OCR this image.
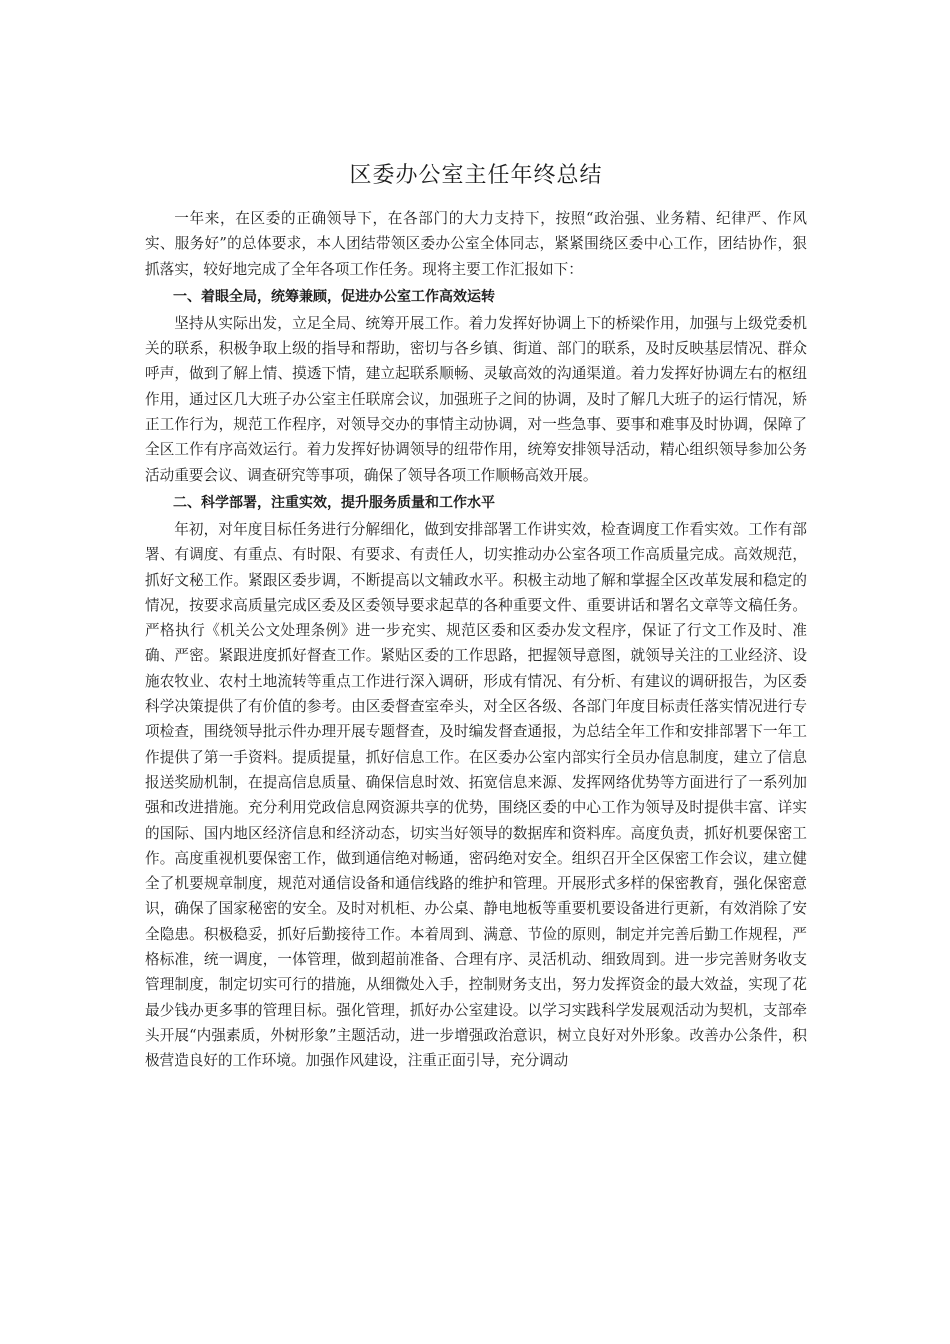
区委办公室主任年终总结

一年来，在区委的正确领导下，在各部门的大力支持下，按照“政治强、业务精、纪律严、作风实、服务好”的总体要求，本人团结带领区委办公室全体同志，紧紧围绕区委中心工作，团结协作，狠抓落实，较好地完成了全年各项工作任务。现将主要工作汇报如下：

一、着眼全局，统筹兼顾，促进办公室工作高效运转

坚持从实际出发，立足全局、统筹开展工作。着力发挥好协调上下的桥梁作用，加强与上级党委机关的联系，积极争取上级的指导和帮助，密切与各乡镇、街道、部门的联系，及时反映基层情况、群众呼声，做到了解上情、摸透下情，建立起联系顺畅、灵敏高效的沟通渠道。着力发挥好协调左右的枢纽作用，通过区几大班子办公室主任联席会议，加强班子之间的协调，及时了解几大班子的运行情况，矫正工作行为，规范工作程序，对领导交办的事情主动协调，对一些急事、要事和难事及时协调，保障了全区工作有序高效运行。着力发挥好协调领导的纽带作用，统筹安排领导活动，精心组织领导参加公务活动重要会议、调查研究等事项，确保了领导各项工作顺畅高效开展。

二、科学部署，注重实效，提升服务质量和工作水平

年初，对年度目标任务进行分解细化，做到安排部署工作讲实效，检查调度工作看实效。工作有部署、有调度、有重点、有时限、有要求、有责任人，切实推动办公室各项工作高质量完成。高效规范，抓好文秘工作。紧跟区委步调，不断提高以文辅政水平。积极主动地了解和掌握全区改革发展和稳定的情况，按要求高质量完成区委及区委领导要求起草的各种重要文件、重要讲话和署名文章等文稿任务。严格执行《机关公文处理条例》进一步充实、规范区委和区委办发文程序，保证了行文工作及时、准确、严密。紧跟进度抓好督查工作。紧贴区委的工作思路，把握领导意图，就领导关注的工业经济、设施农牧业、农村土地流转等重点工作进行深入调研，形成有情况、有分析、有建议的调研报告，为区委科学决策提供了有价值的参考。由区委督查室牵头，对全区各级、各部门年度目标责任落实情况进行专项检查，围绕领导批示件办理开展专题督查，及时编发督查通报，为总结全年工作和安排部署下一年工作提供了第一手资料。提质提量，抓好信息工作。在区委办公室内部实行全员办信息制度，建立了信息报送奖励机制，在提高信息质量、确保信息时效、拓宽信息来源、发挥网络优势等方面进行了一系列加强和改进措施。充分利用党政信息网资源共享的优势，围绕区委的中心工作为领导及时提供丰富、详实的国际、国内地区经济信息和经济动态，切实当好领导的数据库和资料库。高度负责，抓好机要保密工作。高度重视机要保密工作，做到通信绝对畅通，密码绝对安全。组织召开全区保密工作会议，建立健全了机要规章制度，规范对通信设备和通信线路的维护和管理。开展形式多样的保密教育，强化保密意识，确保了国家秘密的安全。及时对机柜、办公桌、静电地板等重要机要设备进行更新，有效消除了安全隐患。积极稳妥，抓好后勤接待工作。本着周到、满意、节俭的原则，制定并完善后勤工作规程，严格标准，统一调度，一体管理，做到超前准备、合理有序、灵活机动、细致周到。进一步完善财务收支管理制度，制定切实可行的措施，从细微处入手，控制财务支出，努力发挥资金的最大效益，实现了花最少钱办更多事的管理目标。强化管理，抓好办公室建设。以学习实践科学发展观活动为契机，支部牵头开展“内强素质，外树形象”主题活动，进一步增强政治意识，树立良好对外形象。改善办公条件，积极营造良好的工作环境。加强作风建设，注重正面引导，充分调动
